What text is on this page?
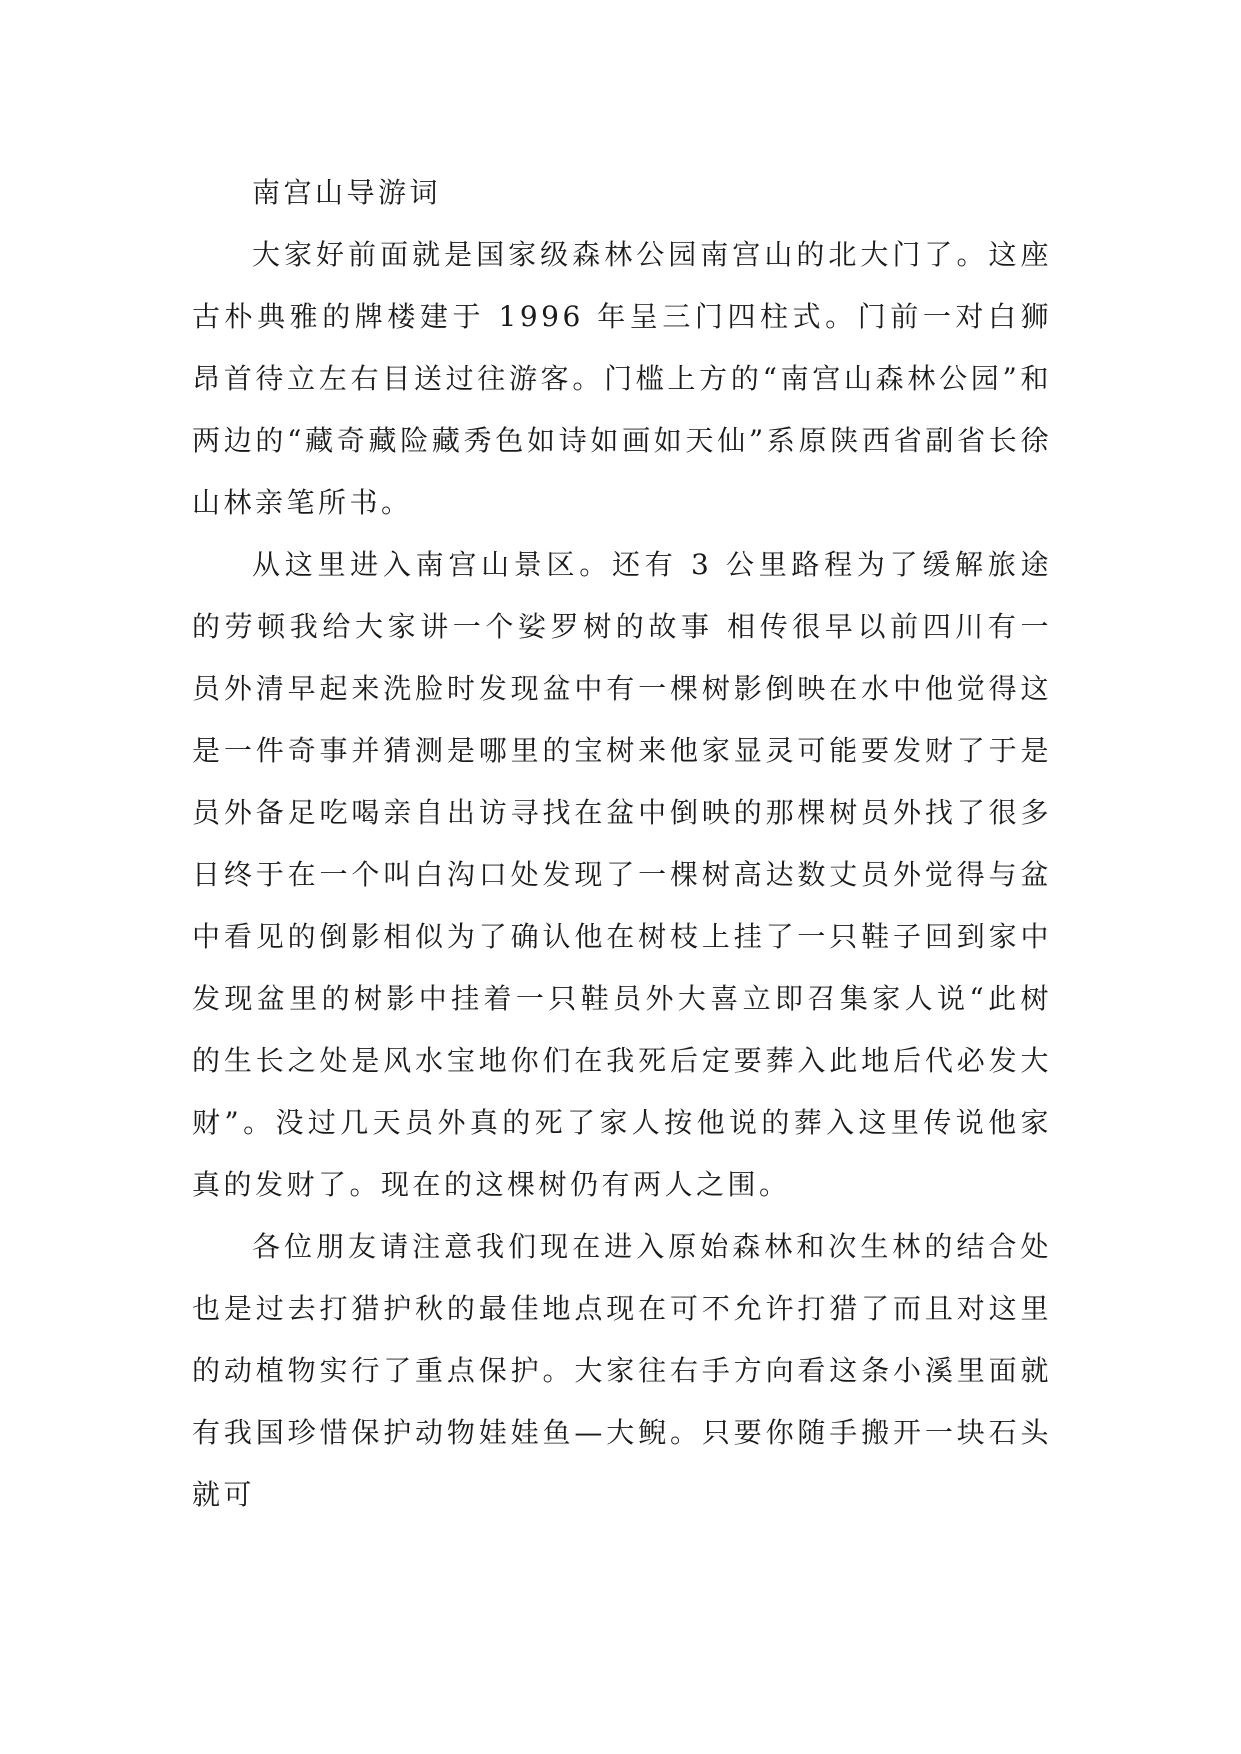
南宫山导游词

大家好前面就是国家级森林公园南宫山的北大门了。这座古朴典雅的牌楼建于 1996 年呈三门四柱式。门前一对白狮昂首待立左右目送过往游客。门槛上方的“南宫山森林公园”和两边的“藏奇藏险藏秀色如诗如画如天仙”系原陕西省副省长徐山林亲笔所书。

从这里进入南宫山景区。还有 3 公里路程为了缓解旅途的劳顿我给大家讲一个娑罗树的故事 相传很早以前四川有一员外清早起来洗脸时发现盆中有一棵树影倒映在水中他觉得这是一件奇事并猜测是哪里的宝树来他家显灵可能要发财了于是员外备足吃喝亲自出访寻找在盆中倒映的那棵树员外找了很多日终于在一个叫白沟口处发现了一棵树高达数丈员外觉得与盆中看见的倒影相似为了确认他在树枝上挂了一只鞋子回到家中发现盆里的树影中挂着一只鞋员外大喜立即召集家人说“此树的生长之处是风水宝地你们在我死后定要葬入此地后代必发大财”。没过几天员外真的死了家人按他说的葬入这里传说他家真的发财了。现在的这棵树仍有两人之围。

各位朋友请注意我们现在进入原始森林和次生林的结合处也是过去打猎护秋的最佳地点现在可不允许打猎了而且对这里的动植物实行了重点保护。大家往右手方向看这条小溪里面就有我国珍惜保护动物娃娃鱼—大鲵。只要你随手搬开一块石头就可
